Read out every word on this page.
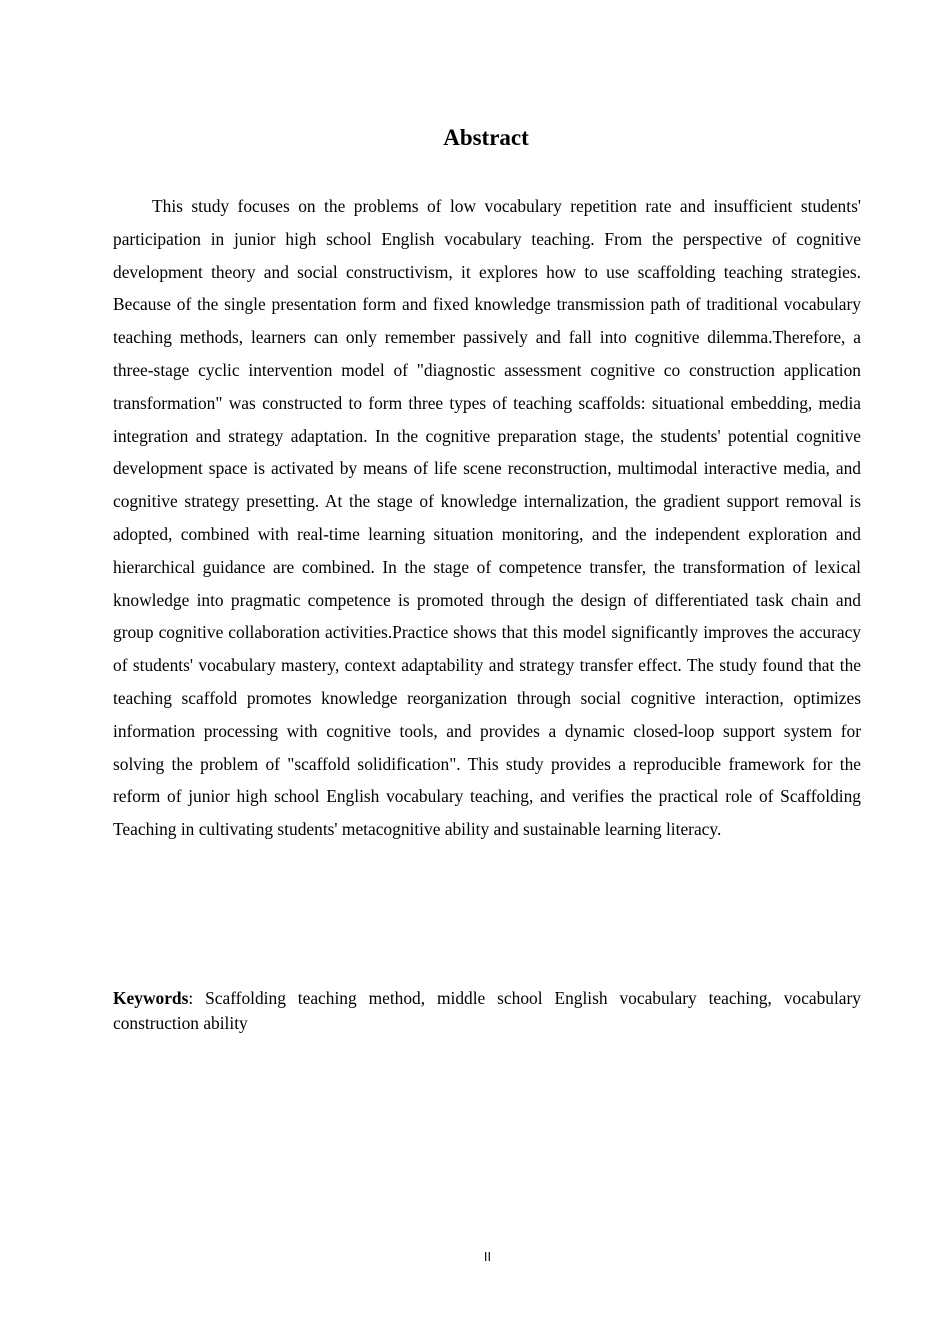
Abstract

This study focuses on the problems of low vocabulary repetition rate and insufficient students' participation in junior high school English vocabulary teaching. From the perspective of cognitive development theory and social constructivism, it explores how to use scaffolding teaching strategies. Because of the single presentation form and fixed knowledge transmission path of traditional vocabulary teaching methods, learners can only remember passively and fall into cognitive dilemma.Therefore, a three-stage cyclic intervention model of "diagnostic assessment cognitive co construction application transformation" was constructed to form three types of teaching scaffolds: situational embedding, media integration and strategy adaptation. In the cognitive preparation stage, the students' potential cognitive development space is activated by means of life scene reconstruction, multimodal interactive media, and cognitive strategy presetting. At the stage of knowledge internalization, the gradient support removal is adopted, combined with real-time learning situation monitoring, and the independent exploration and hierarchical guidance are combined. In the stage of competence transfer, the transformation of lexical knowledge into pragmatic competence is promoted through the design of differentiated task chain and group cognitive collaboration activities.Practice shows that this model significantly improves the accuracy of students' vocabulary mastery, context adaptability and strategy transfer effect. The study found that the teaching scaffold promotes knowledge reorganization through social cognitive interaction, optimizes information processing with cognitive tools, and provides a dynamic closed-loop support system for solving the problem of "scaffold solidification". This study provides a reproducible framework for the reform of junior high school English vocabulary teaching, and verifies the practical role of Scaffolding Teaching in cultivating students' metacognitive ability and sustainable learning literacy.

Keywords: Scaffolding teaching method, middle school English vocabulary teaching, vocabulary construction ability

II
